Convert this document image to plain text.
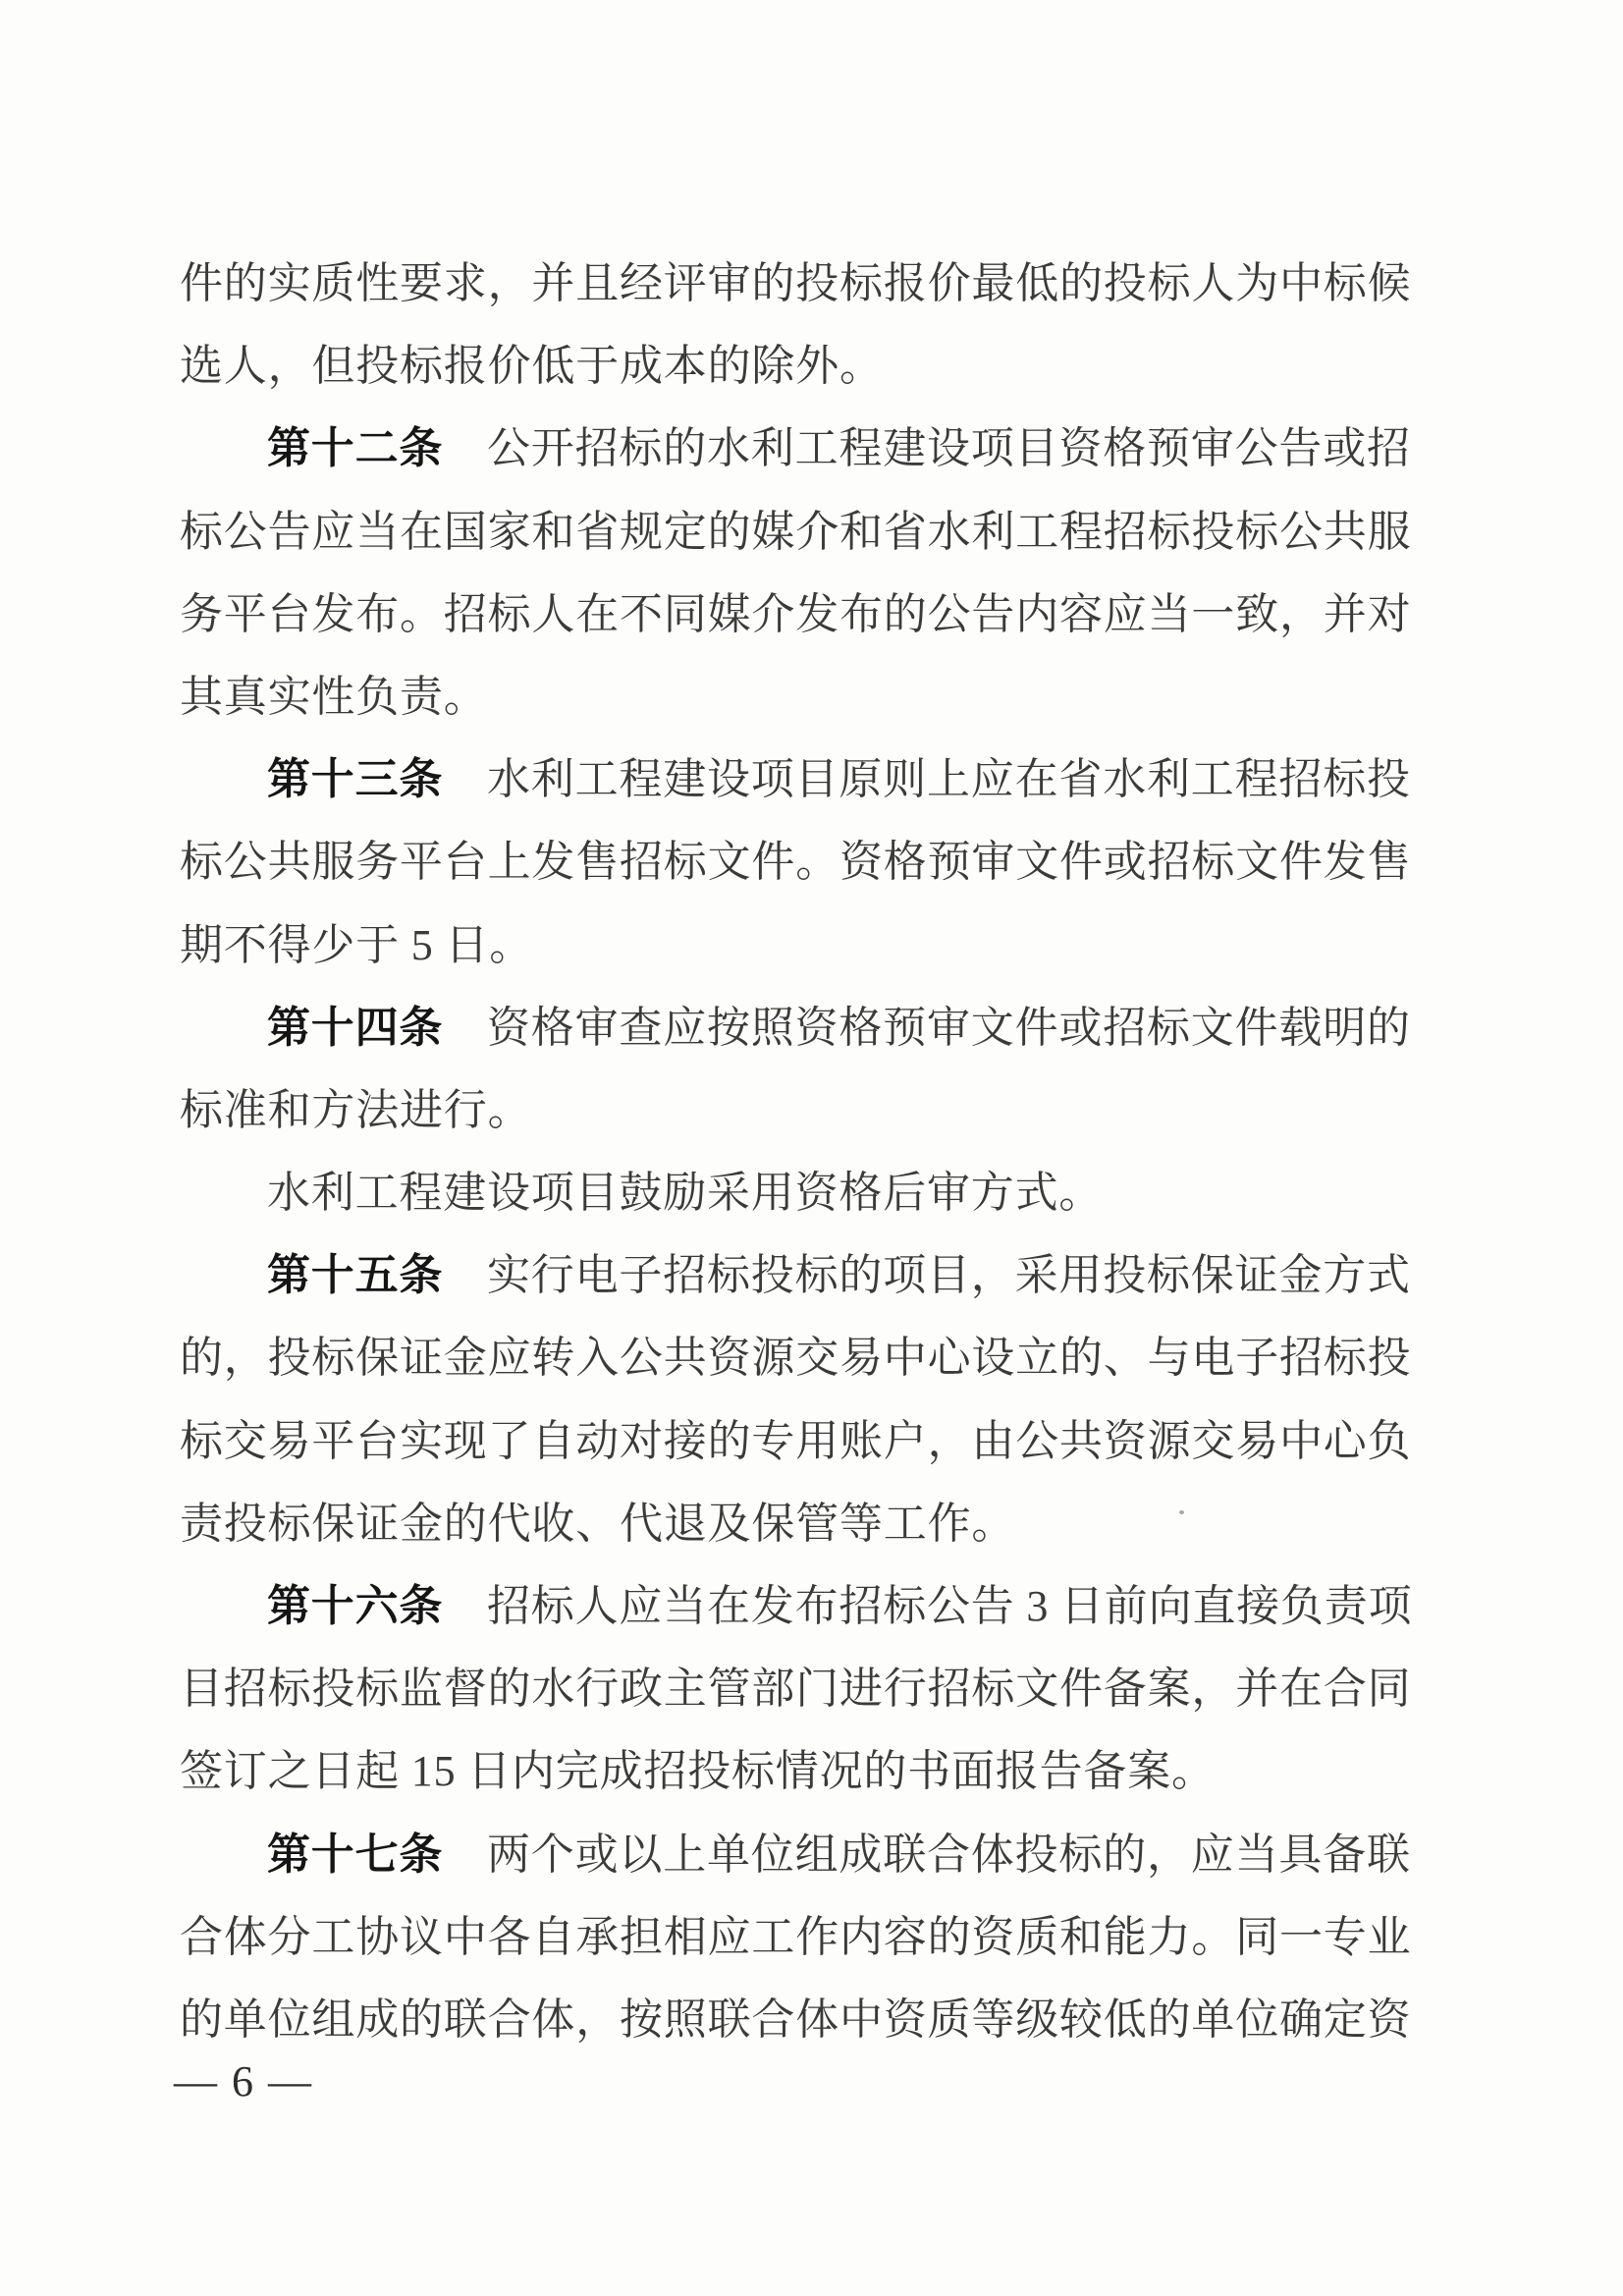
件的实质性要求，并且经评审的投标报价最低的投标人为中标候
选人，但投标报价低于成本的除外。
第十二条　公开招标的水利工程建设项目资格预审公告或招
标公告应当在国家和省规定的媒介和省水利工程招标投标公共服
务平台发布。招标人在不同媒介发布的公告内容应当一致，并对
其真实性负责。
第十三条　水利工程建设项目原则上应在省水利工程招标投
标公共服务平台上发售招标文件。资格预审文件或招标文件发售
期不得少于 5 日。
第十四条　资格审查应按照资格预审文件或招标文件载明的
标准和方法进行。
水利工程建设项目鼓励采用资格后审方式。
第十五条　实行电子招标投标的项目，采用投标保证金方式
的，投标保证金应转入公共资源交易中心设立的、与电子招标投
标交易平台实现了自动对接的专用账户，由公共资源交易中心负
责投标保证金的代收、代退及保管等工作。
第十六条　招标人应当在发布招标公告 3 日前向直接负责项
目招标投标监督的水行政主管部门进行招标文件备案，并在合同
签订之日起 15 日内完成招投标情况的书面报告备案。
第十七条　两个或以上单位组成联合体投标的，应当具备联
合体分工协议中各自承担相应工作内容的资质和能力。同一专业
的单位组成的联合体，按照联合体中资质等级较低的单位确定资
— 6 —
